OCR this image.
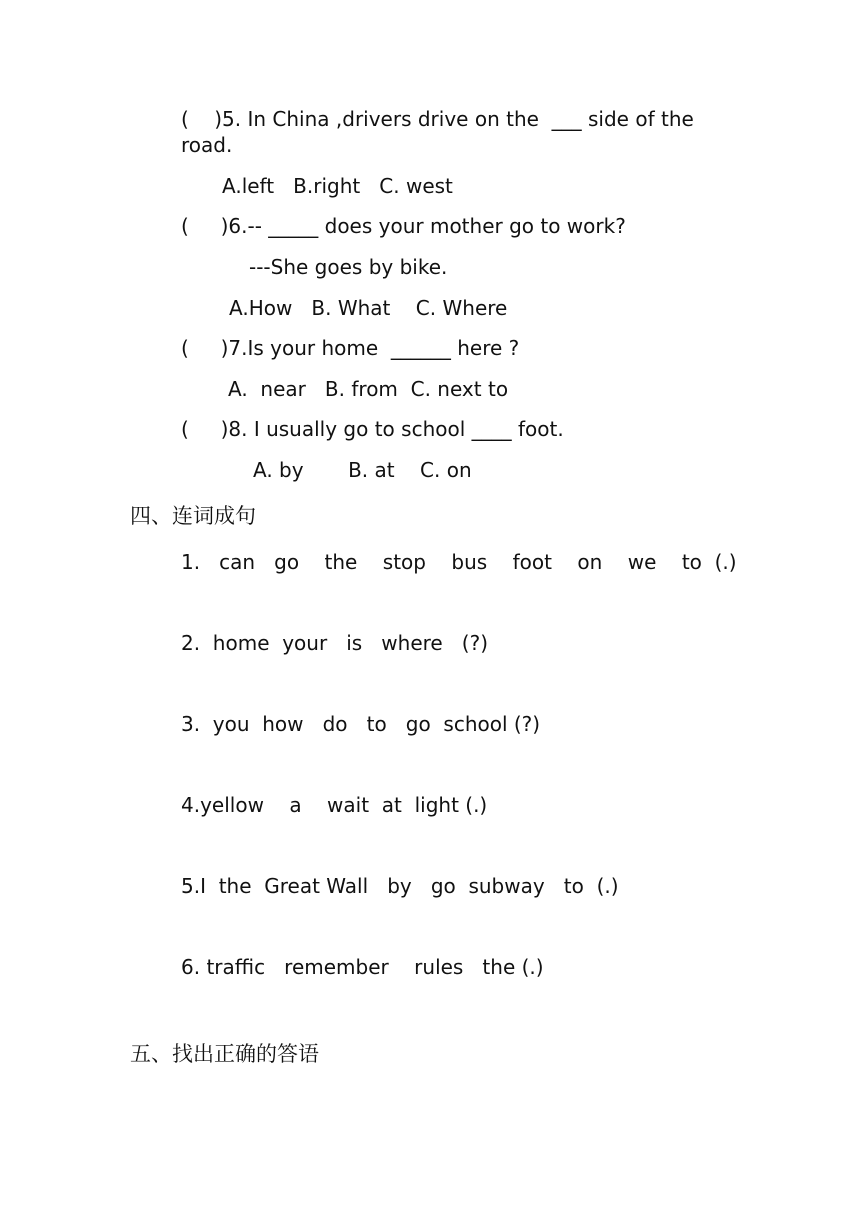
(    )5. In China ,drivers drive on the  ___ side of the
road.
A.left   B.right   C. west
(     )6.-- _____ does your mother go to work?
---She goes by bike.
A.How   B. What    C. Where
(     )7.Is your home  ______ here ?
A.  near   B. from  C. next to
(     )8. I usually go to school ____ foot.
A. by       B. at    C. on
四、连词成句
1.   can   go    the    stop    bus    foot    on    we    to  (.)
2.  home  your   is   where   (?)
3.  you  how   do   to   go  school (?)
4.yellow    a    wait  at  light (.)
5.I  the  Great Wall   by   go  subway   to  (.)
6. traffic   remember    rules   the (.)
五、找出正确的答语
